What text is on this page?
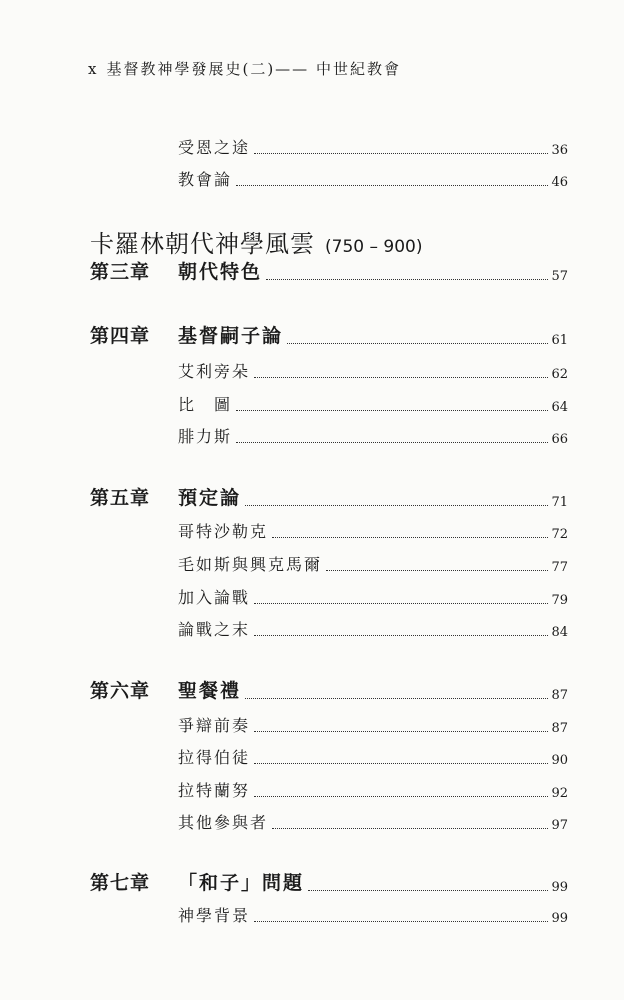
x 基督教神學發展史(二)—— 中世紀教會
受恩之途	36
教會論	46
卡羅林朝代神學風雲 (750 – 900)
第三章	朝代特色	57
第四章	基督嗣子論	61
艾利旁朵	62
比　圖	64
腓力斯	66
第五章	預定論	71
哥特沙勒克	72
毛如斯與興克馬爾	77
加入論戰	79
論戰之末	84
第六章	聖餐禮	87
爭辯前奏	87
拉得伯徒	90
拉特蘭努	92
其他參與者	97
第七章	「和子」問題	99
神學背景	99
